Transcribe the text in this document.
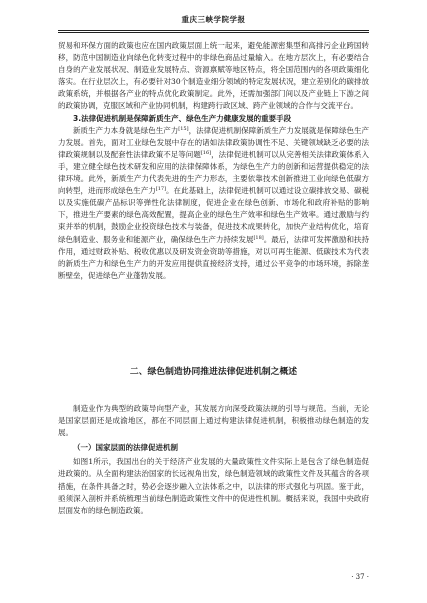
重庆三峡学院学报

贸易和环保方面的政策也应在国内政策层面上统一起来，避免能源密集型和高排污企业跨国转移，防范中国制造业向绿色化转变过程中的非绿色商品过量输入。在地方层次上，有必要结合自身的产业发展状况、制造业发展特点、资源禀赋等地区特点，将全国范围内的各项政策细化落实。在行业层次上，有必要针对30个制造业细分领域的特定发展状况，建立差别化的碳排放政策系统，并根据各产业的特点优化政策制定。此外，还需加强部门间以及产业链上下游之间的政策协调，克服区域和产业协同机制，构建跨行政区域、跨产业领域的合作与交流平台。

3.法律促进机制是保障新质生产、绿色生产力健康发展的重要手段

新质生产力本身就是绿色生产力[15]，法律促进机制保障新质生产力发展就是保障绿色生产力发展。首先，面对工业绿色发展中存在的诸如法律政策协调性不足、关键领域缺乏必要的法律政策规制以及配套性法律政策不足等问题[16]，法律促进机制可以从完善相关法律政策体系入手，建立健全绿色技术研发和应用的法律保障体系，为绿色生产力的创新和运营提供稳定的法律环境。此外，新质生产力代表先进的生产力形态，主要依靠技术创新推进工业向绿色低碳方向转型，进而形成绿色生产力[17]。在此基础上，法律促进机制可以通过设立碳排放交易、碳税以及实施低碳产品标识等弹性化法律制度，促进企业在绿色创新、市场化和政府补贴的影响下，推进生产要素的绿色高效配置，提高企业的绿色生产效率和绿色生产效率。通过激励与约束并举的机制，鼓励企业投资绿色技术与装备，促进技术成果转化，加快产业结构优化，培育绿色制造业、服务业和能源产业，确保绿色生产力持续发展[18]。最后，法律可发挥激励和扶持作用，通过财政补贴、税收优惠以及研发资金资助等措施，对以可再生能源、低碳技术为代表的新质生产力和绿色生产力的开发应用提供直接经济支持，通过公平竞争的市场环境，拆除垄断壁垒，促进绿色产业蓬勃发展。

二、绿色制造协同推进法律促进机制之概述

制造业作为典型的政策导向型产业，其发展方向深受政策法规的引导与规范。当前，无论是国家层面还是成渝地区，都在不同层面上通过构建法律促进机制，积极推动绿色制造的发展。

（一）国家层面的法律促进机制

如图1所示，我国出台的关于经济产业发展的大量政策性文件实际上是包含了绿色制造促进政策的。从全面构建法治国家的长远视角出发，绿色制造领域的政策性文件及其蕴含的各项措施，在条件具备之时，势必会逐步融入立法体系之中，以法律的形式强化与巩固。鉴于此，亟须深入剖析并系统梳理当前绿色制造政策性文件中的促进性机制。概括来说，我国中央政府层面发布的绿色制造政策。

· 37 ·
